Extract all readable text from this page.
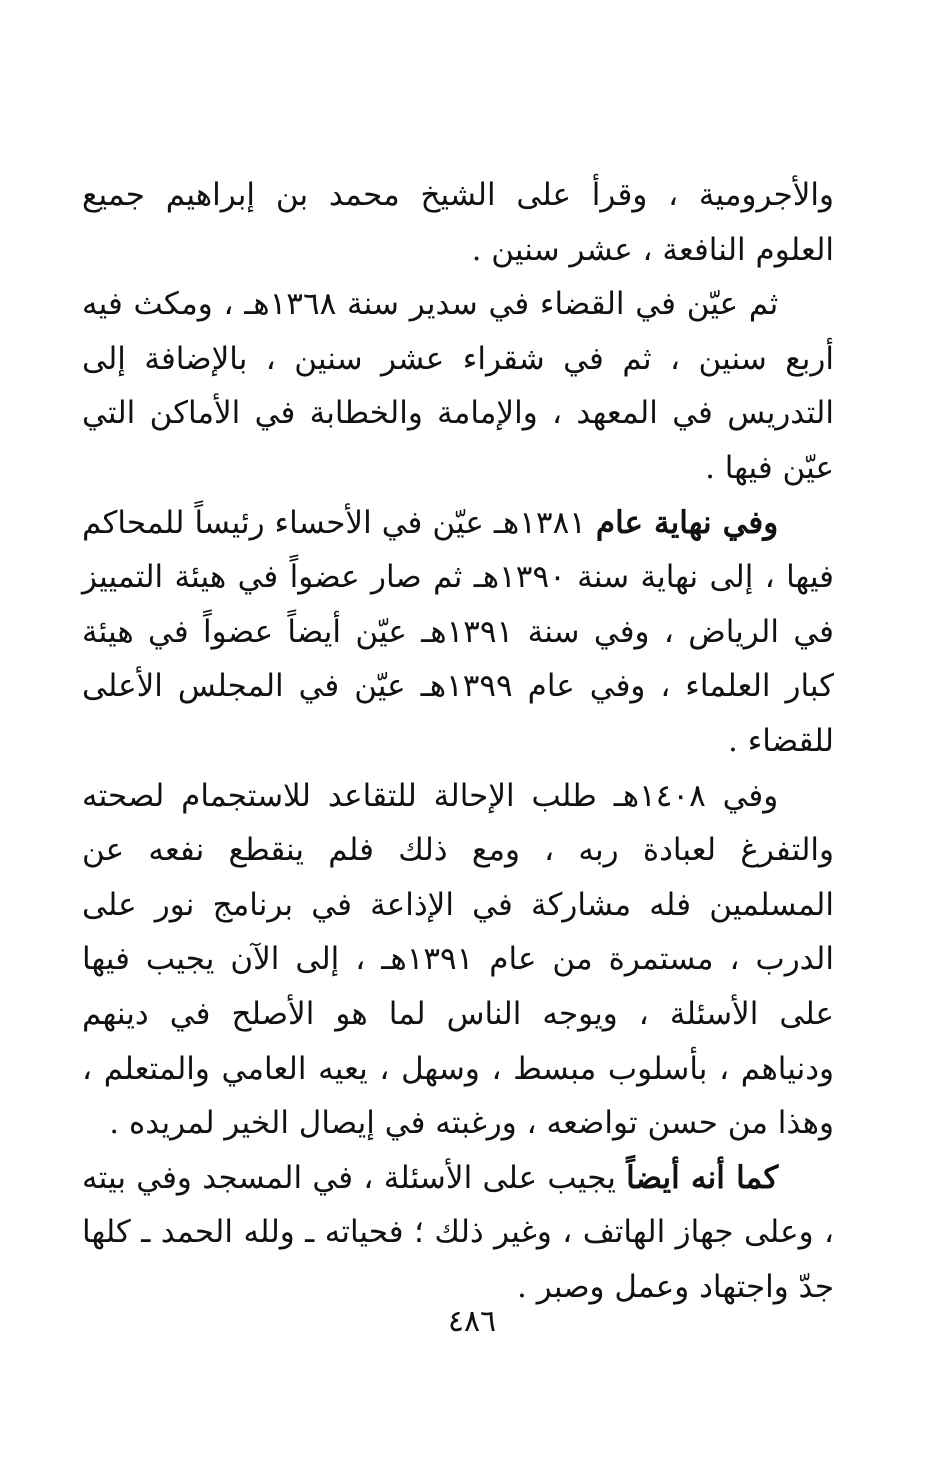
والأجرومية ، وقرأ على الشيخ محمد بن إبراهيم جميع العلوم النافعة ، عشر سنين .

ثم عيّن في القضاء في سدير سنة ١٣٦٨هـ ، ومكث فيه أربع سنين ، ثم في شقراء عشر سنين ، بالإضافة إلى التدريس في المعهد ، والإمامة والخطابة في الأماكن التي عيّن فيها .

وفي نهاية عام ١٣٨١هـ عيّن في الأحساء رئيساً للمحاكم فيها ، إلى نهاية سنة ١٣٩٠هـ ثم صار عضواً في هيئة التمييز في الرياض ، وفي سنة ١٣٩١هـ عيّن أيضاً عضواً في هيئة كبار العلماء ، وفي عام ١٣٩٩هـ عيّن في المجلس الأعلى للقضاء .

وفي ١٤٠٨هـ طلب الإحالة للتقاعد للاستجمام لصحته والتفرغ لعبادة ربه ، ومع ذلك فلم ينقطع نفعه عن المسلمين فله مشاركة في الإذاعة في برنامج نور على الدرب ، مستمرة من عام ١٣٩١هـ ، إلى الآن يجيب فيها على الأسئلة ، ويوجه الناس لما هو الأصلح في دينهم ودنياهم ، بأسلوب مبسط ، وسهل ، يعيه العامي والمتعلم ، وهذا من حسن تواضعه ، ورغبته في إيصال الخير لمريده .

كما أنه أيضاً يجيب على الأسئلة ، في المسجد وفي بيته ، وعلى جهاز الهاتف ، وغير ذلك ؛ فحياته ـ ولله الحمد ـ كلها جدّ واجتهاد وعمل وصبر .

٤٨٦
